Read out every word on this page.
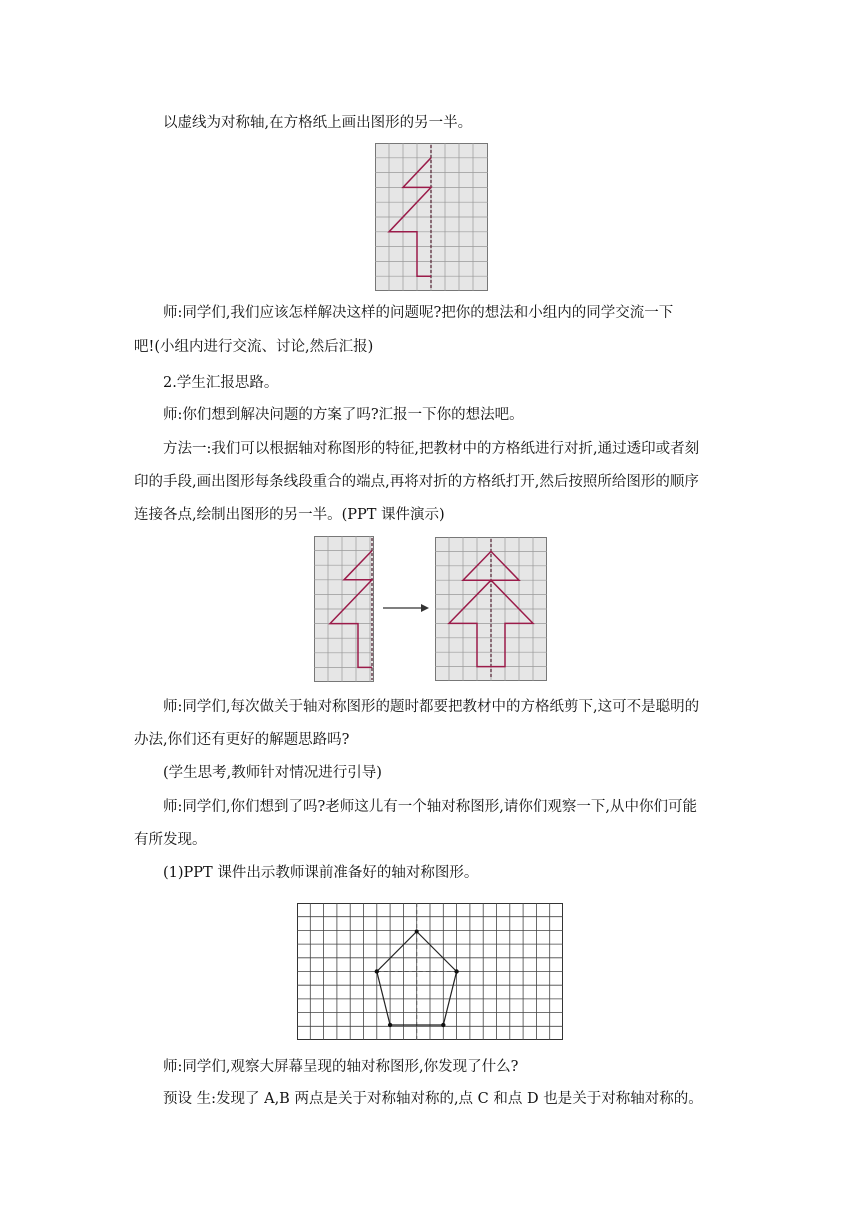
以虚线为对称轴,在方格纸上画出图形的另一半。
师:同学们,我们应该怎样解决这样的问题呢?把你的想法和小组内的同学交流一下
吧!(小组内进行交流、讨论,然后汇报)
2.学生汇报思路。
师:你们想到解决问题的方案了吗?汇报一下你的想法吧。
方法一:我们可以根据轴对称图形的特征,把教材中的方格纸进行对折,通过透印或者刻
印的手段,画出图形每条线段重合的端点,再将对折的方格纸打开,然后按照所给图形的顺序
连接各点,绘制出图形的另一半。(PPT 课件演示)
师:同学们,每次做关于轴对称图形的题时都要把教材中的方格纸剪下,这可不是聪明的
办法,你们还有更好的解题思路吗?
(学生思考,教师针对情况进行引导)
师:同学们,你们想到了吗?老师这儿有一个轴对称图形,请你们观察一下,从中你们可能
有所发现。
(1)PPT 课件出示教师课前准备好的轴对称图形。
师:同学们,观察大屏幕呈现的轴对称图形,你发现了什么?
预设 生:发现了 A,B 两点是关于对称轴对称的,点 C 和点 D 也是关于对称轴对称的。
